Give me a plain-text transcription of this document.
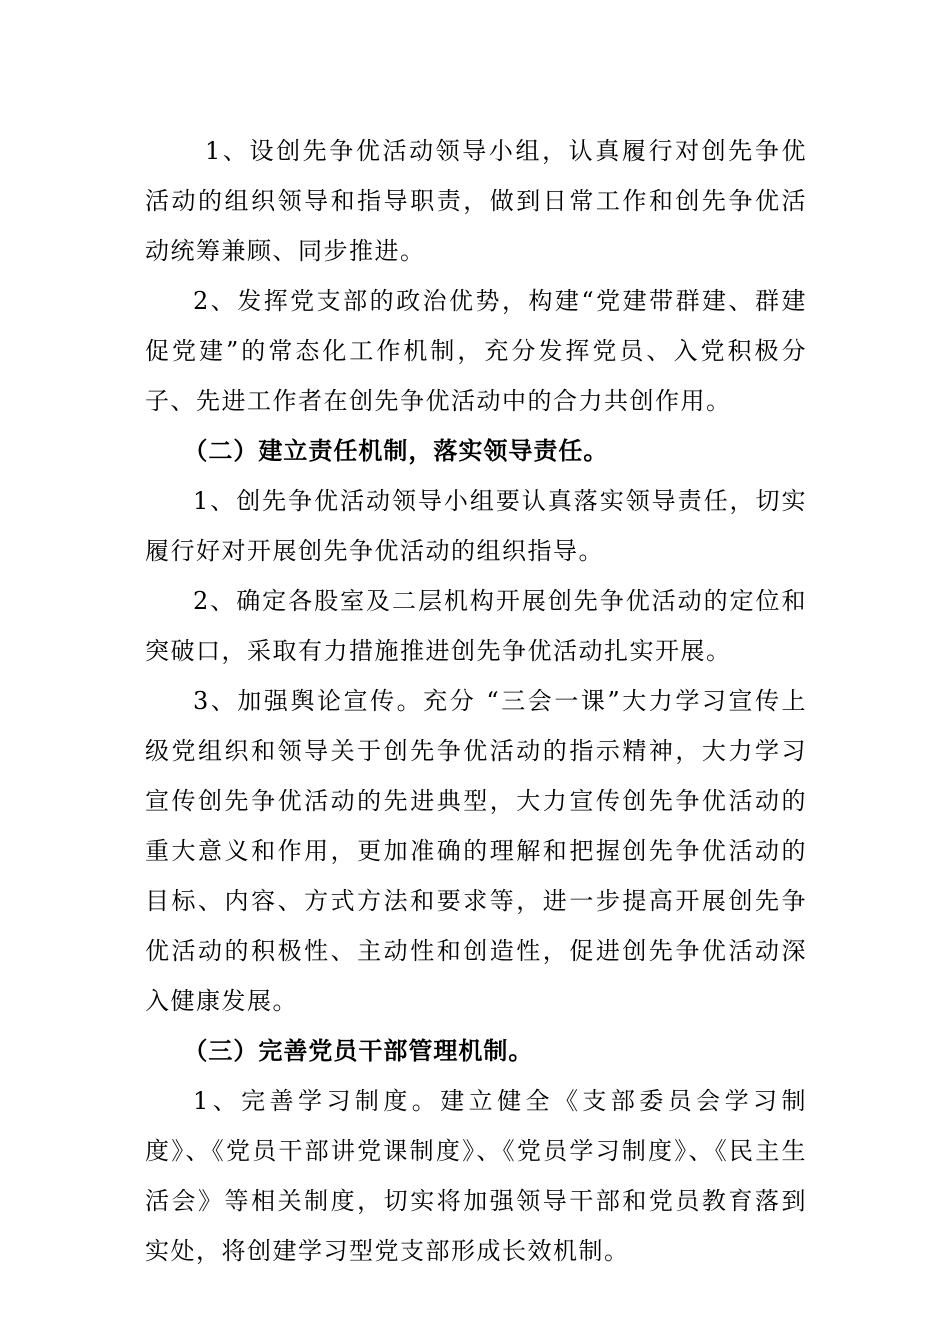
1、设创先争优活动领导小组，认真履行对创先争优活动的组织领导和指导职责，做到日常工作和创先争优活动统筹兼顾、同步推进。

2、发挥党支部的政治优势，构建“党建带群建、群建促党建”的常态化工作机制，充分发挥党员、入党积极分子、先进工作者在创先争优活动中的合力共创作用。

（二）建立责任机制，落实领导责任。

1、创先争优活动领导小组要认真落实领导责任，切实履行好对开展创先争优活动的组织指导。

2、确定各股室及二层机构开展创先争优活动的定位和突破口，采取有力措施推进创先争优活动扎实开展。

3、加强舆论宣传。充分 “三会一课”大力学习宣传上级党组织和领导关于创先争优活动的指示精神，大力学习宣传创先争优活动的先进典型，大力宣传创先争优活动的重大意义和作用，更加准确的理解和把握创先争优活动的目标、内容、方式方法和要求等，进一步提高开展创先争优活动的积极性、主动性和创造性，促进创先争优活动深入健康发展。

（三）完善党员干部管理机制。

1、完善学习制度。建立健全《支部委员会学习制度》、《党员干部讲党课制度》、《党员学习制度》、《民主生活会》等相关制度，切实将加强领导干部和党员教育落到实处，将创建学习型党支部形成长效机制。
